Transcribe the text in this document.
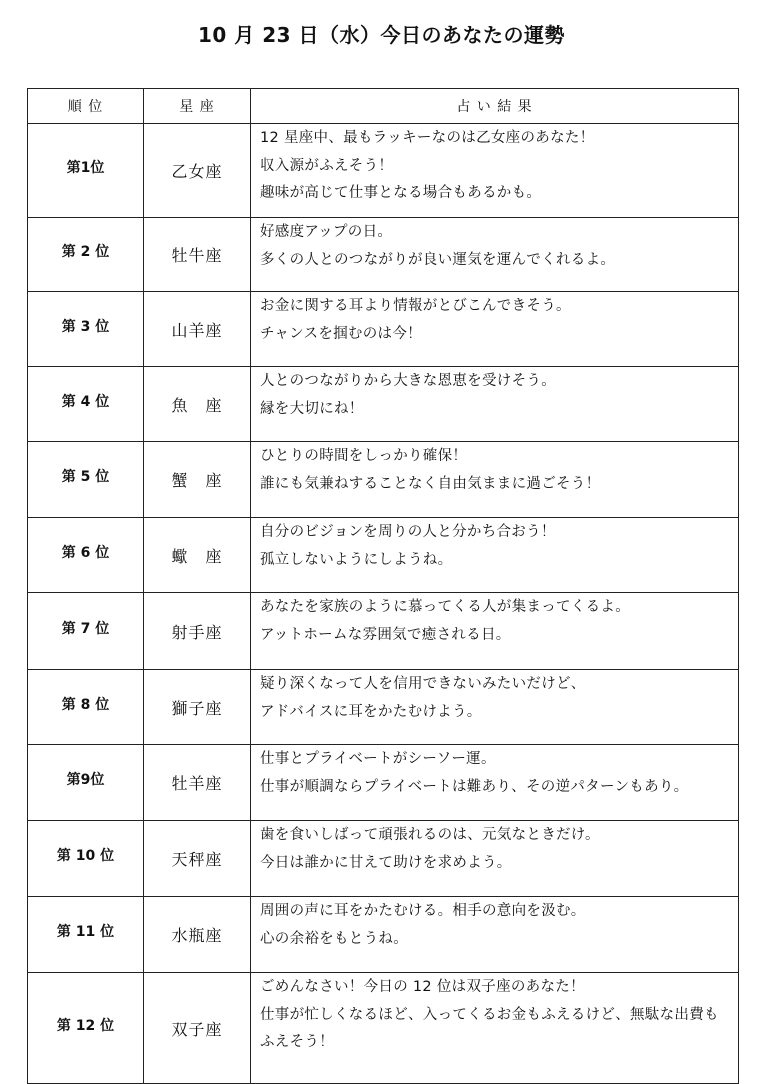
10 月 23 日（水）今日のあなたの運勢
順 位	星 座	占 い 結 果
第1位	乙女座	12 星座中、最もラッキーなのは乙女座のあなた！
収入源がふえそう！
趣味が高じて仕事となる場合もあるかも。

第 2 位	牡牛座	好感度アップの日。
多くの人とのつながりが良い運気を運んでくれるよ。

第 3 位	山羊座	お金に関する耳より情報がとびこんできそう。
チャンスを掴むのは今！

第 4 位	魚　座	人とのつながりから大きな恩恵を受けそう。
縁を大切にね！

第 5 位	蟹　座	ひとりの時間をしっかり確保！
誰にも気兼ねすることなく自由気ままに過ごそう！

第 6 位	蠍　座	自分のビジョンを周りの人と分かち合おう！
孤立しないようにしようね。

第 7 位	射手座	あなたを家族のように慕ってくる人が集まってくるよ。
アットホームな雰囲気で癒される日。

第 8 位	獅子座	疑り深くなって人を信用できないみたいだけど、
アドバイスに耳をかたむけよう。

第9位	牡羊座	仕事とプライベートがシーソー運。
仕事が順調ならプライベートは難あり、その逆パターンもあり。

第 10 位	天秤座	歯を食いしばって頑張れるのは、元気なときだけ。
今日は誰かに甘えて助けを求めよう。

第 11 位	水瓶座	周囲の声に耳をかたむける。相手の意向を汲む。
心の余裕をもとうね。

第 12 位	双子座	ごめんなさい！今日の 12 位は双子座のあなた！
仕事が忙しくなるほど、入ってくるお金もふえるけど、無駄な出費も
ふえそう！
